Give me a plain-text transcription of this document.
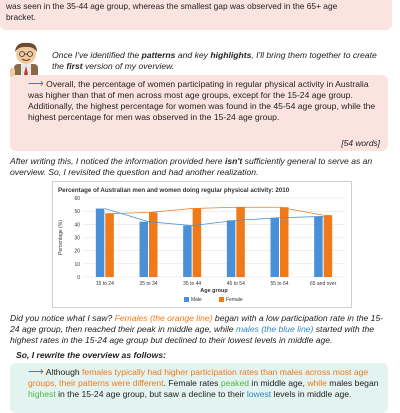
was seen in the 35-44 age group, whereas the smallest gap was observed in the 65+ age
bracket.
Once I've identified the patterns and key highlights, I'll bring them together to create the first version of my overview.
⟶ Overall, the percentage of women participating in regular physical activity in Australia was higher than that of men across most age groups, except for the 15-24 age group. Additionally, the highest percentage for women was found in the 45-54 age group, while the highest percentage for men was observed in the 15-24 age group.
[54 words]
After writing this, I noticed the information provided here isn't sufficiently general to serve as an overview. So, I revisited the question and had another realization.
Percentage of Australian men and women doing regular physical activity: 2010
0
10
20
30
40
50
60
Percentage (%)
15 to 24	25 to 34	35 to 44	45 to 54	55 to 64	65 and over
Age group
Male	Female
Did you notice what I saw? Females (the orange line) began with a low participation rate in the 15-24 age group, then reached their peak in middle age, while males (the blue line) started with the highest rates in the 15-24 age group but declined to their lowest levels in middle age.
So, I rewrite the overview as follows:
⟶ Although females typically had higher participation rates than males across most age groups, their patterns were different. Female rates peaked in middle age, while males began highest in the 15-24 age group, but saw a decline to their lowest levels in middle age.
